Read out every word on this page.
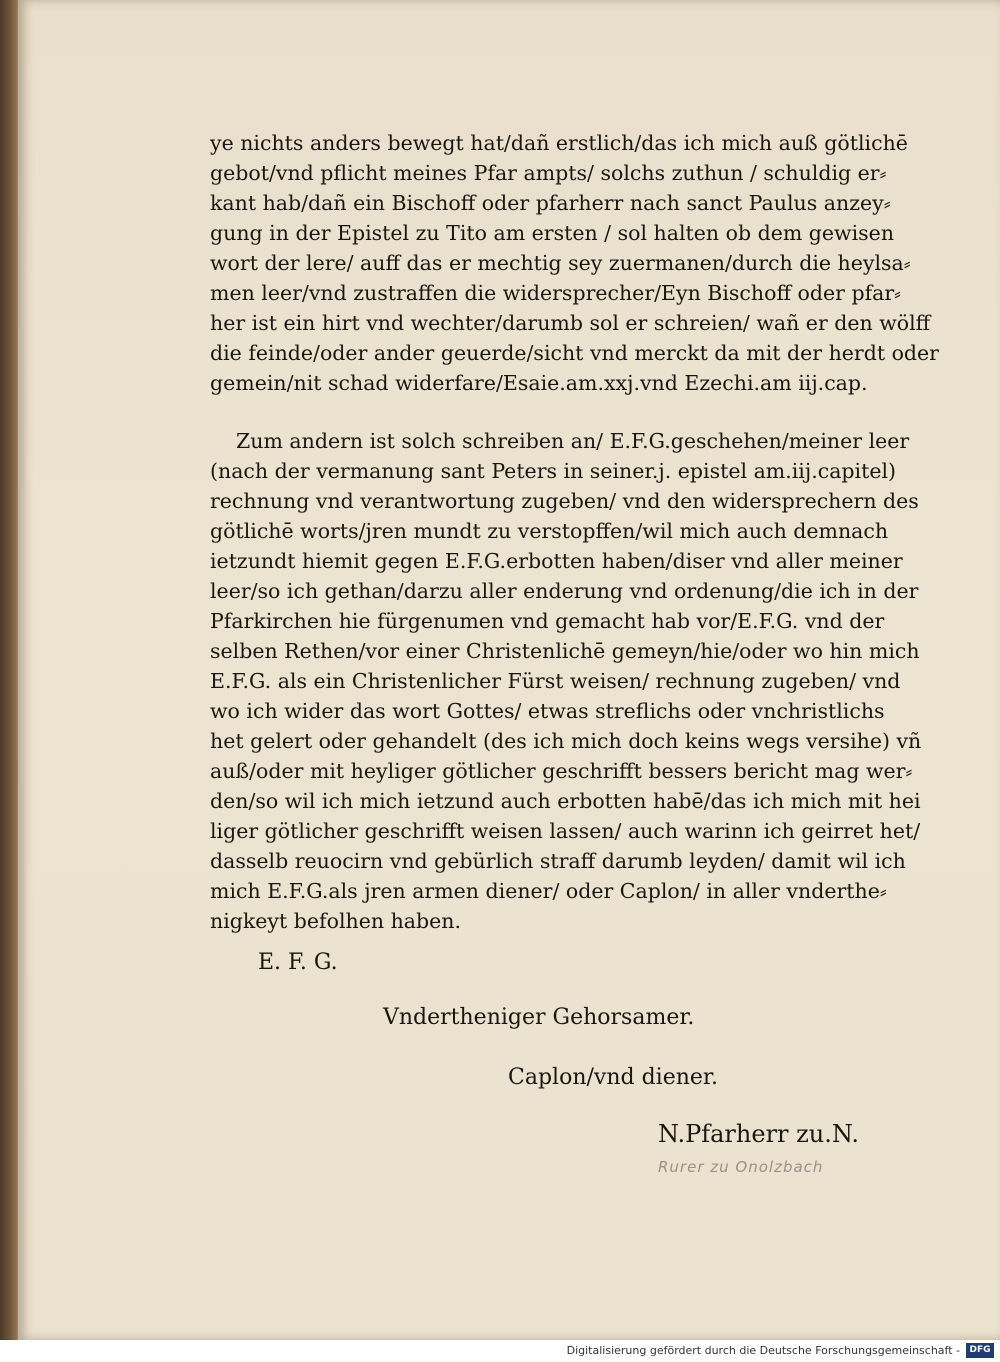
ye nichts anders bewegt hat/dañ erstlich/das ich mich auß götlichē
gebot/vnd pflicht meines Pfar ampts/ solchs zuthun / schuldig er⸗
kant hab/dañ ein Bischoff oder pfarherr nach sanct Paulus anzey⸗
gung in der Epistel zu Tito am ersten / sol halten ob dem gewisen
wort der lere/ auff das er mechtig sey zuermanen/durch die heylsa⸗
men leer/vnd zustraffen die widersprecher/Eyn Bischoff oder pfar⸗
her ist ein hirt vnd wechter/darumb sol er schreien/ wañ er den wölff
die feinde/oder ander geuerde/sicht vnd merckt da mit der herdt oder
gemein/nit schad widerfare/Esaie.am.xxj.vnd Ezechi.am iij.cap.
Zum andern ist solch schreiben an/ E.F.G.geschehen/meiner leer
(nach der vermanung sant Peters in seiner.j. epistel am.iij.capitel)
rechnung vnd verantwortung zugeben/ vnd den widersprechern des
götlichē worts/jren mundt zu verstopffen/wil mich auch demnach
ietzundt hiemit gegen E.F.G.erbotten haben/diser vnd aller meiner
leer/so ich gethan/darzu aller enderung vnd ordenung/die ich in der
Pfarkirchen hie fürgenumen vnd gemacht hab vor/E.F.G. vnd der
selben Rethen/vor einer Christenlichē gemeyn/hie/oder wo hin mich
E.F.G. als ein Christenlicher Fürst weisen/ rechnung zugeben/ vnd
wo ich wider das wort Gottes/ etwas streflichs oder vnchristlichs
het gelert oder gehandelt (des ich mich doch keins wegs versihe) vñ
auß/oder mit heyliger götlicher geschrifft bessers bericht mag wer⸗
den/so wil ich mich ietzund auch erbotten habē/das ich mich mit hei
liger götlicher geschrifft weisen lassen/ auch warinn ich geirret het/
dasselb reuocirn vnd gebürlich straff darumb leyden/ damit wil ich
mich E.F.G.als jren armen diener/ oder Caplon/ in aller vnderthe⸗
nigkeyt befolhen haben.
E. F. G.
Vndertheniger Gehorsamer.
Caplon/vnd diener.
N.Pfarherr zu.N.
Rurer zu Onolzbach
Digitalisierung gefördert durch die Deutsche Forschungsgemeinschaft -	DFG
